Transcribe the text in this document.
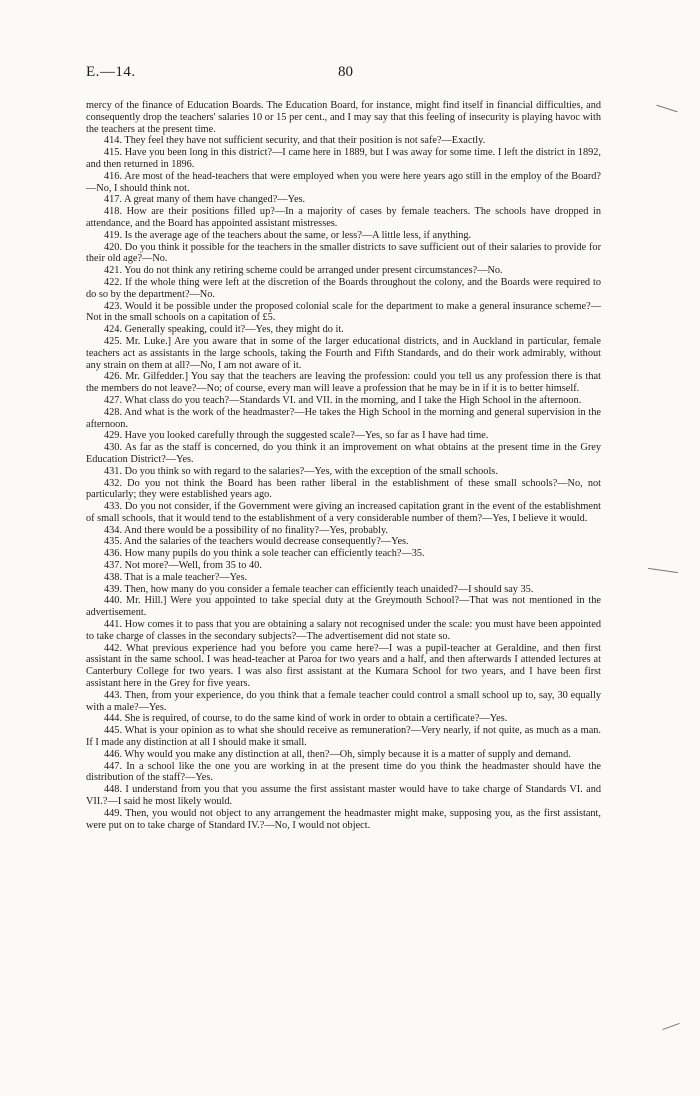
E.—14.	80

mercy of the finance of Education Boards. The Education Board, for instance, might find itself in financial difficulties, and consequently drop the teachers' salaries 10 or 15 per cent., and I may say that this feeling of insecurity is playing havoc with the teachers at the present time.

414. They feel they have not sufficient security, and that their position is not safe?—Exactly.

415. Have you been long in this district?—I came here in 1889, but I was away for some time. I left the district in 1892, and then returned in 1896.

416. Are most of the head-teachers that were employed when you were here years ago still in the employ of the Board?—No, I should think not.

417. A great many of them have changed?—Yes.

418. How are their positions filled up?—In a majority of cases by female teachers. The schools have dropped in attendance, and the Board has appointed assistant mistresses.

419. Is the average age of the teachers about the same, or less?—A little less, if anything.

420. Do you think it possible for the teachers in the smaller districts to save sufficient out of their salaries to provide for their old age?—No.

421. You do not think any retiring scheme could be arranged under present circumstances?—No.

422. If the whole thing were left at the discretion of the Boards throughout the colony, and the Boards were required to do so by the department?—No.

423. Would it be possible under the proposed colonial scale for the department to make a general insurance scheme?—Not in the small schools on a capitation of £5.

424. Generally speaking, could it?—Yes, they might do it.

425. Mr. Luke.] Are you aware that in some of the larger educational districts, and in Auckland in particular, female teachers act as assistants in the large schools, taking the Fourth and Fifth Standards, and do their work admirably, without any strain on them at all?—No, I am not aware of it.

426. Mr. Gilfedder.] You say that the teachers are leaving the profession: could you tell us any profession there is that the members do not leave?—No; of course, every man will leave a profession that he may be in if it is to better himself.

427. What class do you teach?—Standards VI. and VII. in the morning, and I take the High School in the afternoon.

428. And what is the work of the headmaster?—He takes the High School in the morning and general supervision in the afternoon.

429. Have you looked carefully through the suggested scale?—Yes, so far as I have had time.

430. As far as the staff is concerned, do you think it an improvement on what obtains at the present time in the Grey Education District?—Yes.

431. Do you think so with regard to the salaries?—Yes, with the exception of the small schools.

432. Do you not think the Board has been rather liberal in the establishment of these small schools?—No, not particularly; they were established years ago.

433. Do you not consider, if the Government were giving an increased capitation grant in the event of the establishment of small schools, that it would tend to the establishment of a very considerable number of them?—Yes, I believe it would.

434. And there would be a possibility of no finality?—Yes, probably.

435. And the salaries of the teachers would decrease consequently?—Yes.

436. How many pupils do you think a sole teacher can efficiently teach?—35.

437. Not more?—Well, from 35 to 40.

438. That is a male teacher?—Yes.

439. Then, how many do you consider a female teacher can efficiently teach unaided?—I should say 35.

440. Mr. Hill.] Were you appointed to take special duty at the Greymouth School?—That was not mentioned in the advertisement.

441. How comes it to pass that you are obtaining a salary not recognised under the scale: you must have been appointed to take charge of classes in the secondary subjects?—The advertisement did not state so.

442. What previous experience had you before you came here?—I was a pupil-teacher at Geraldine, and then first assistant in the same school. I was head-teacher at Paroa for two years and a half, and then afterwards I attended lectures at Canterbury College for two years. I was also first assistant at the Kumara School for two years, and I have been first assistant here in the Grey for five years.

443. Then, from your experience, do you think that a female teacher could control a small school up to, say, 30 equally with a male?—Yes.

444. She is required, of course, to do the same kind of work in order to obtain a certificate?—Yes.

445. What is your opinion as to what she should receive as remuneration?—Very nearly, if not quite, as much as a man. If I made any distinction at all I should make it small.

446. Why would you make any distinction at all, then?—Oh, simply because it is a matter of supply and demand.

447. In a school like the one you are working in at the present time do you think the headmaster should have the distribution of the staff?—Yes.

448. I understand from you that you assume the first assistant master would have to take charge of Standards VI. and VII.?—I said he most likely would.

449. Then, you would not object to any arrangement the headmaster might make, supposing you, as the first assistant, were put on to take charge of Standard IV.?—No, I would not object.
